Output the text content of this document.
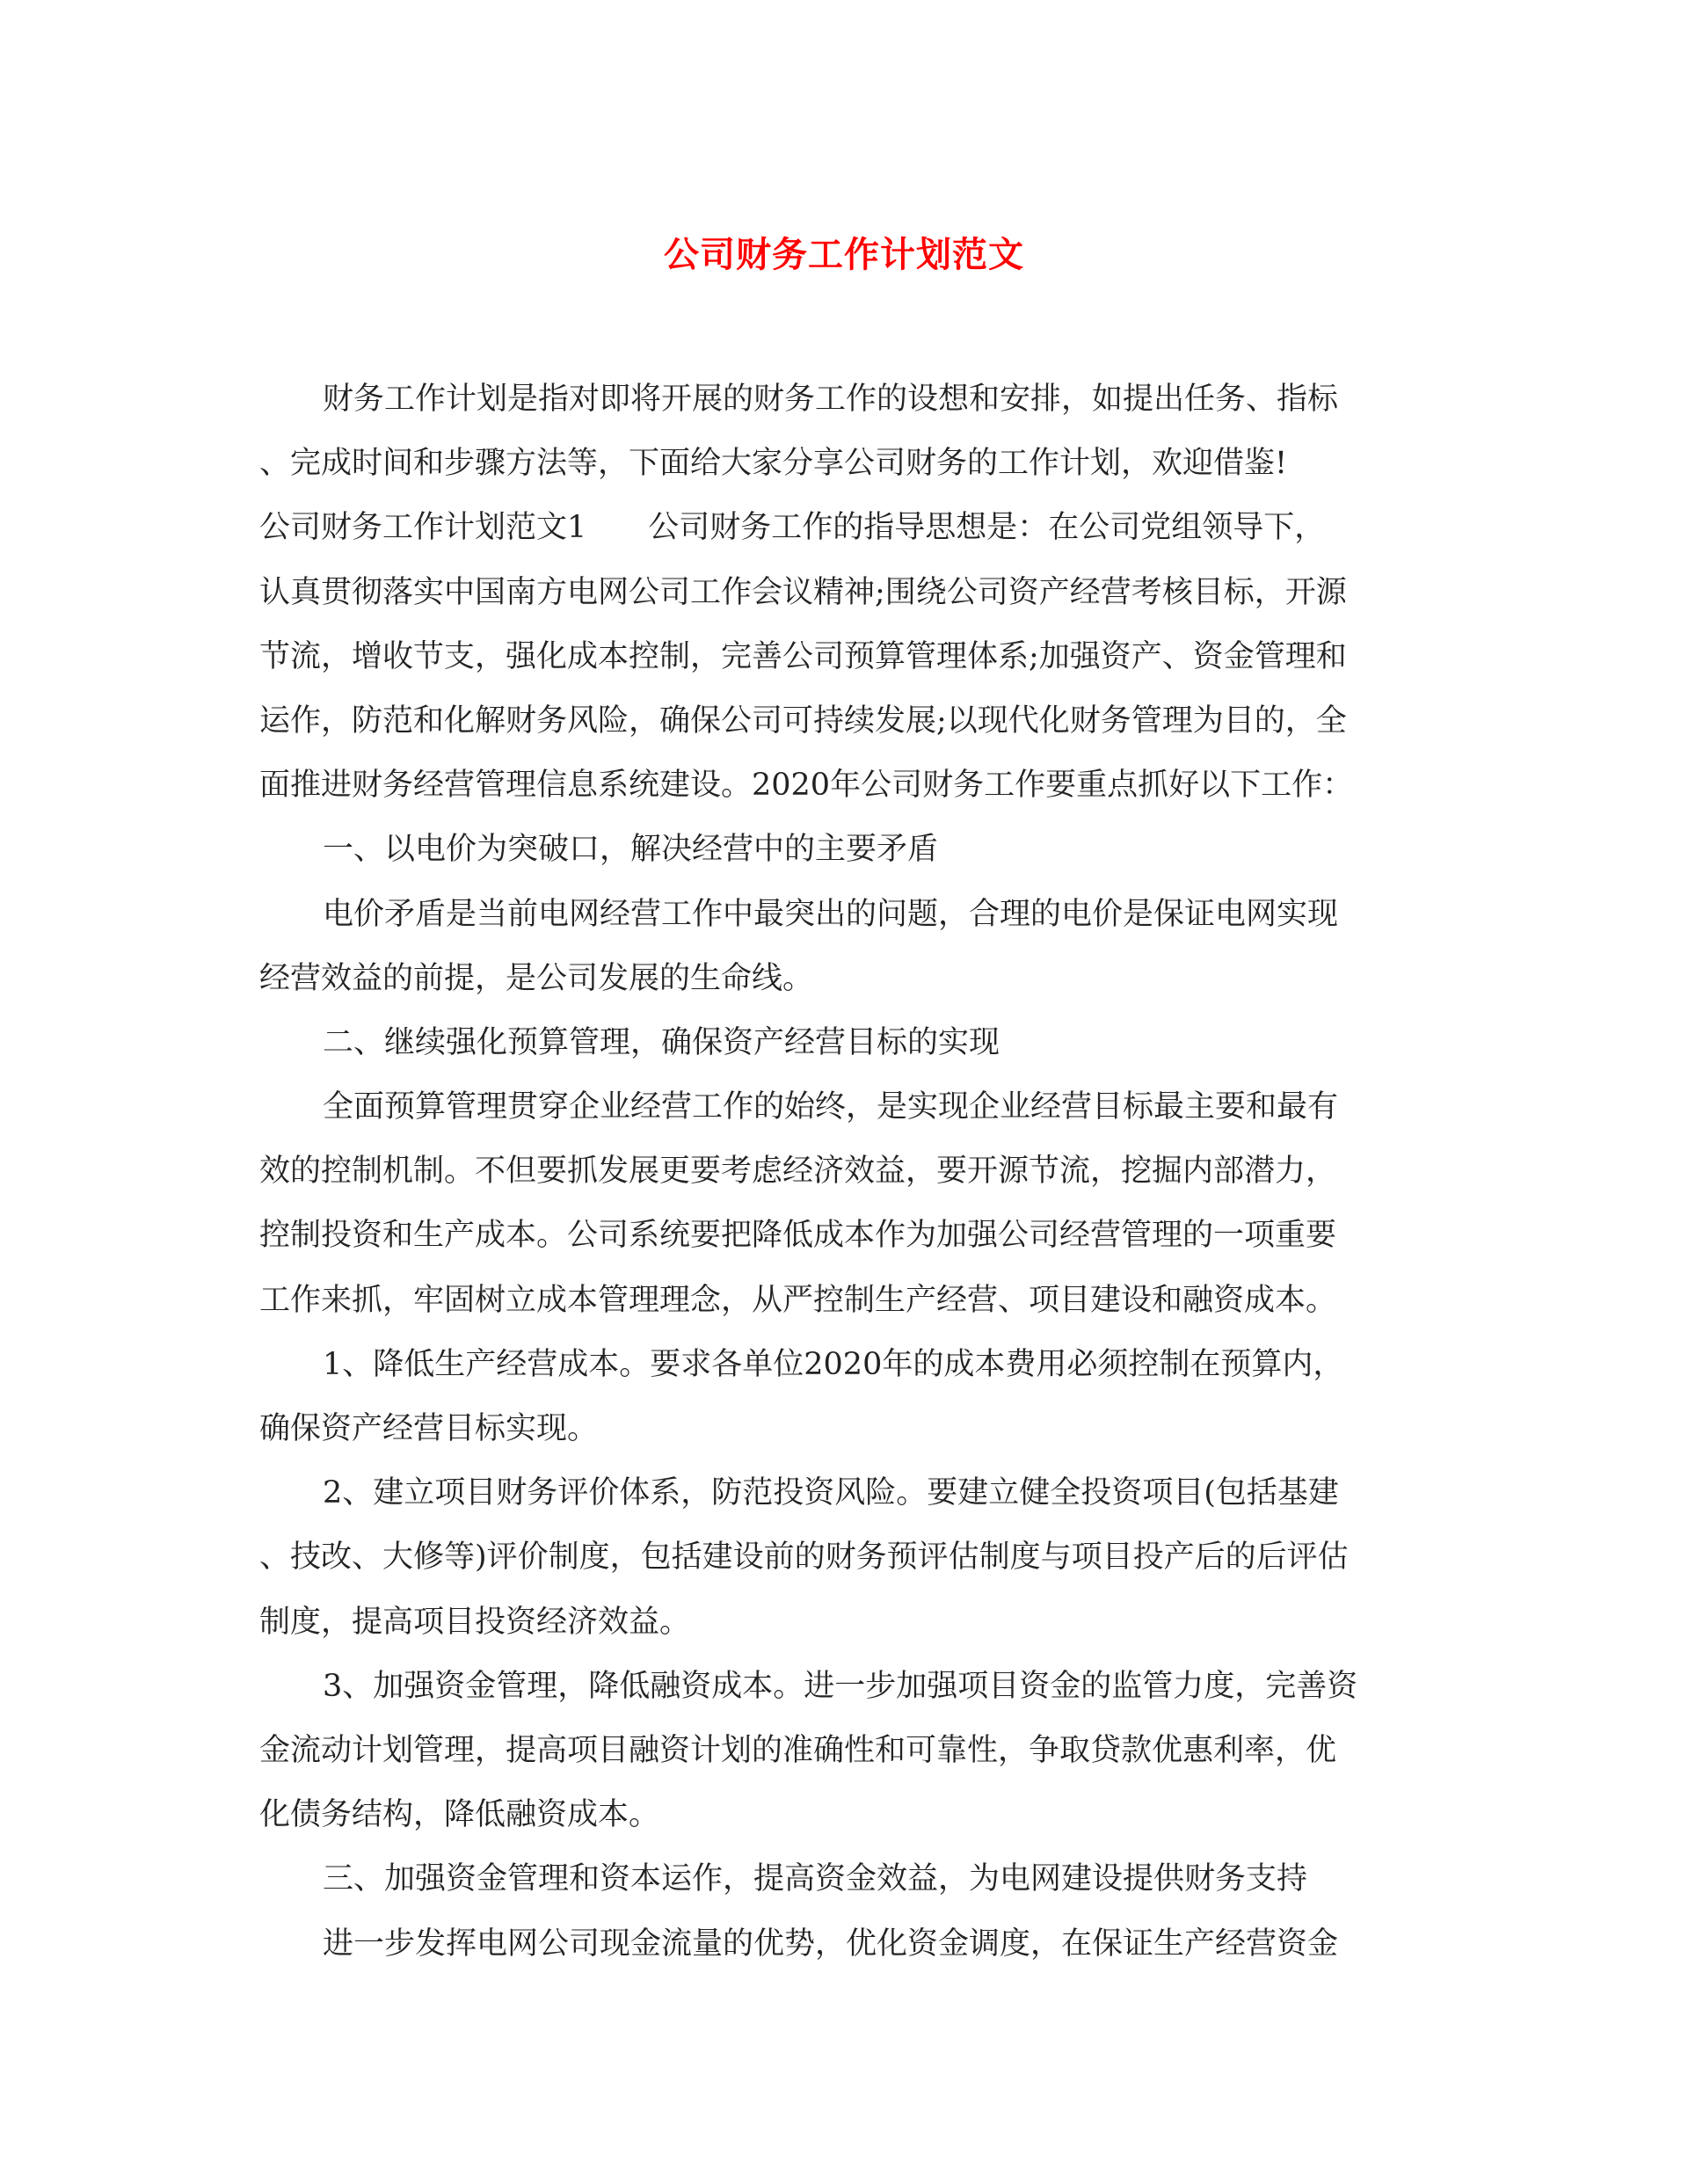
公司财务工作计划范文
财务工作计划是指对即将开展的财务工作的设想和安排，如提出任务、指标
、完成时间和步骤方法等，下面给大家分享公司财务的工作计划，欢迎借鉴!
公司财务工作计划范文1 公司财务工作的指导思想是：在公司党组领导下，
认真贯彻落实中国南方电网公司工作会议精神;围绕公司资产经营考核目标，开源
节流，增收节支，强化成本控制，完善公司预算管理体系;加强资产、资金管理和
运作，防范和化解财务风险，确保公司可持续发展;以现代化财务管理为目的，全
面推进财务经营管理信息系统建设。2020年公司财务工作要重点抓好以下工作：
一、以电价为突破口，解决经营中的主要矛盾
电价矛盾是当前电网经营工作中最突出的问题，合理的电价是保证电网实现
经营效益的前提，是公司发展的生命线。
二、继续强化预算管理，确保资产经营目标的实现
全面预算管理贯穿企业经营工作的始终，是实现企业经营目标最主要和最有
效的控制机制。不但要抓发展更要考虑经济效益，要开源节流，挖掘内部潜力，
控制投资和生产成本。公司系统要把降低成本作为加强公司经营管理的一项重要
工作来抓，牢固树立成本管理理念，从严控制生产经营、项目建设和融资成本。
1、降低生产经营成本。要求各单位2020年的成本费用必须控制在预算内，
确保资产经营目标实现。
2、建立项目财务评价体系，防范投资风险。要建立健全投资项目(包括基建
、技改、大修等)评价制度，包括建设前的财务预评估制度与项目投产后的后评估
制度，提高项目投资经济效益。
3、加强资金管理，降低融资成本。进一步加强项目资金的监管力度，完善资
金流动计划管理，提高项目融资计划的准确性和可靠性，争取贷款优惠利率，优
化债务结构，降低融资成本。
三、加强资金管理和资本运作，提高资金效益，为电网建设提供财务支持
进一步发挥电网公司现金流量的优势，优化资金调度，在保证生产经营资金
